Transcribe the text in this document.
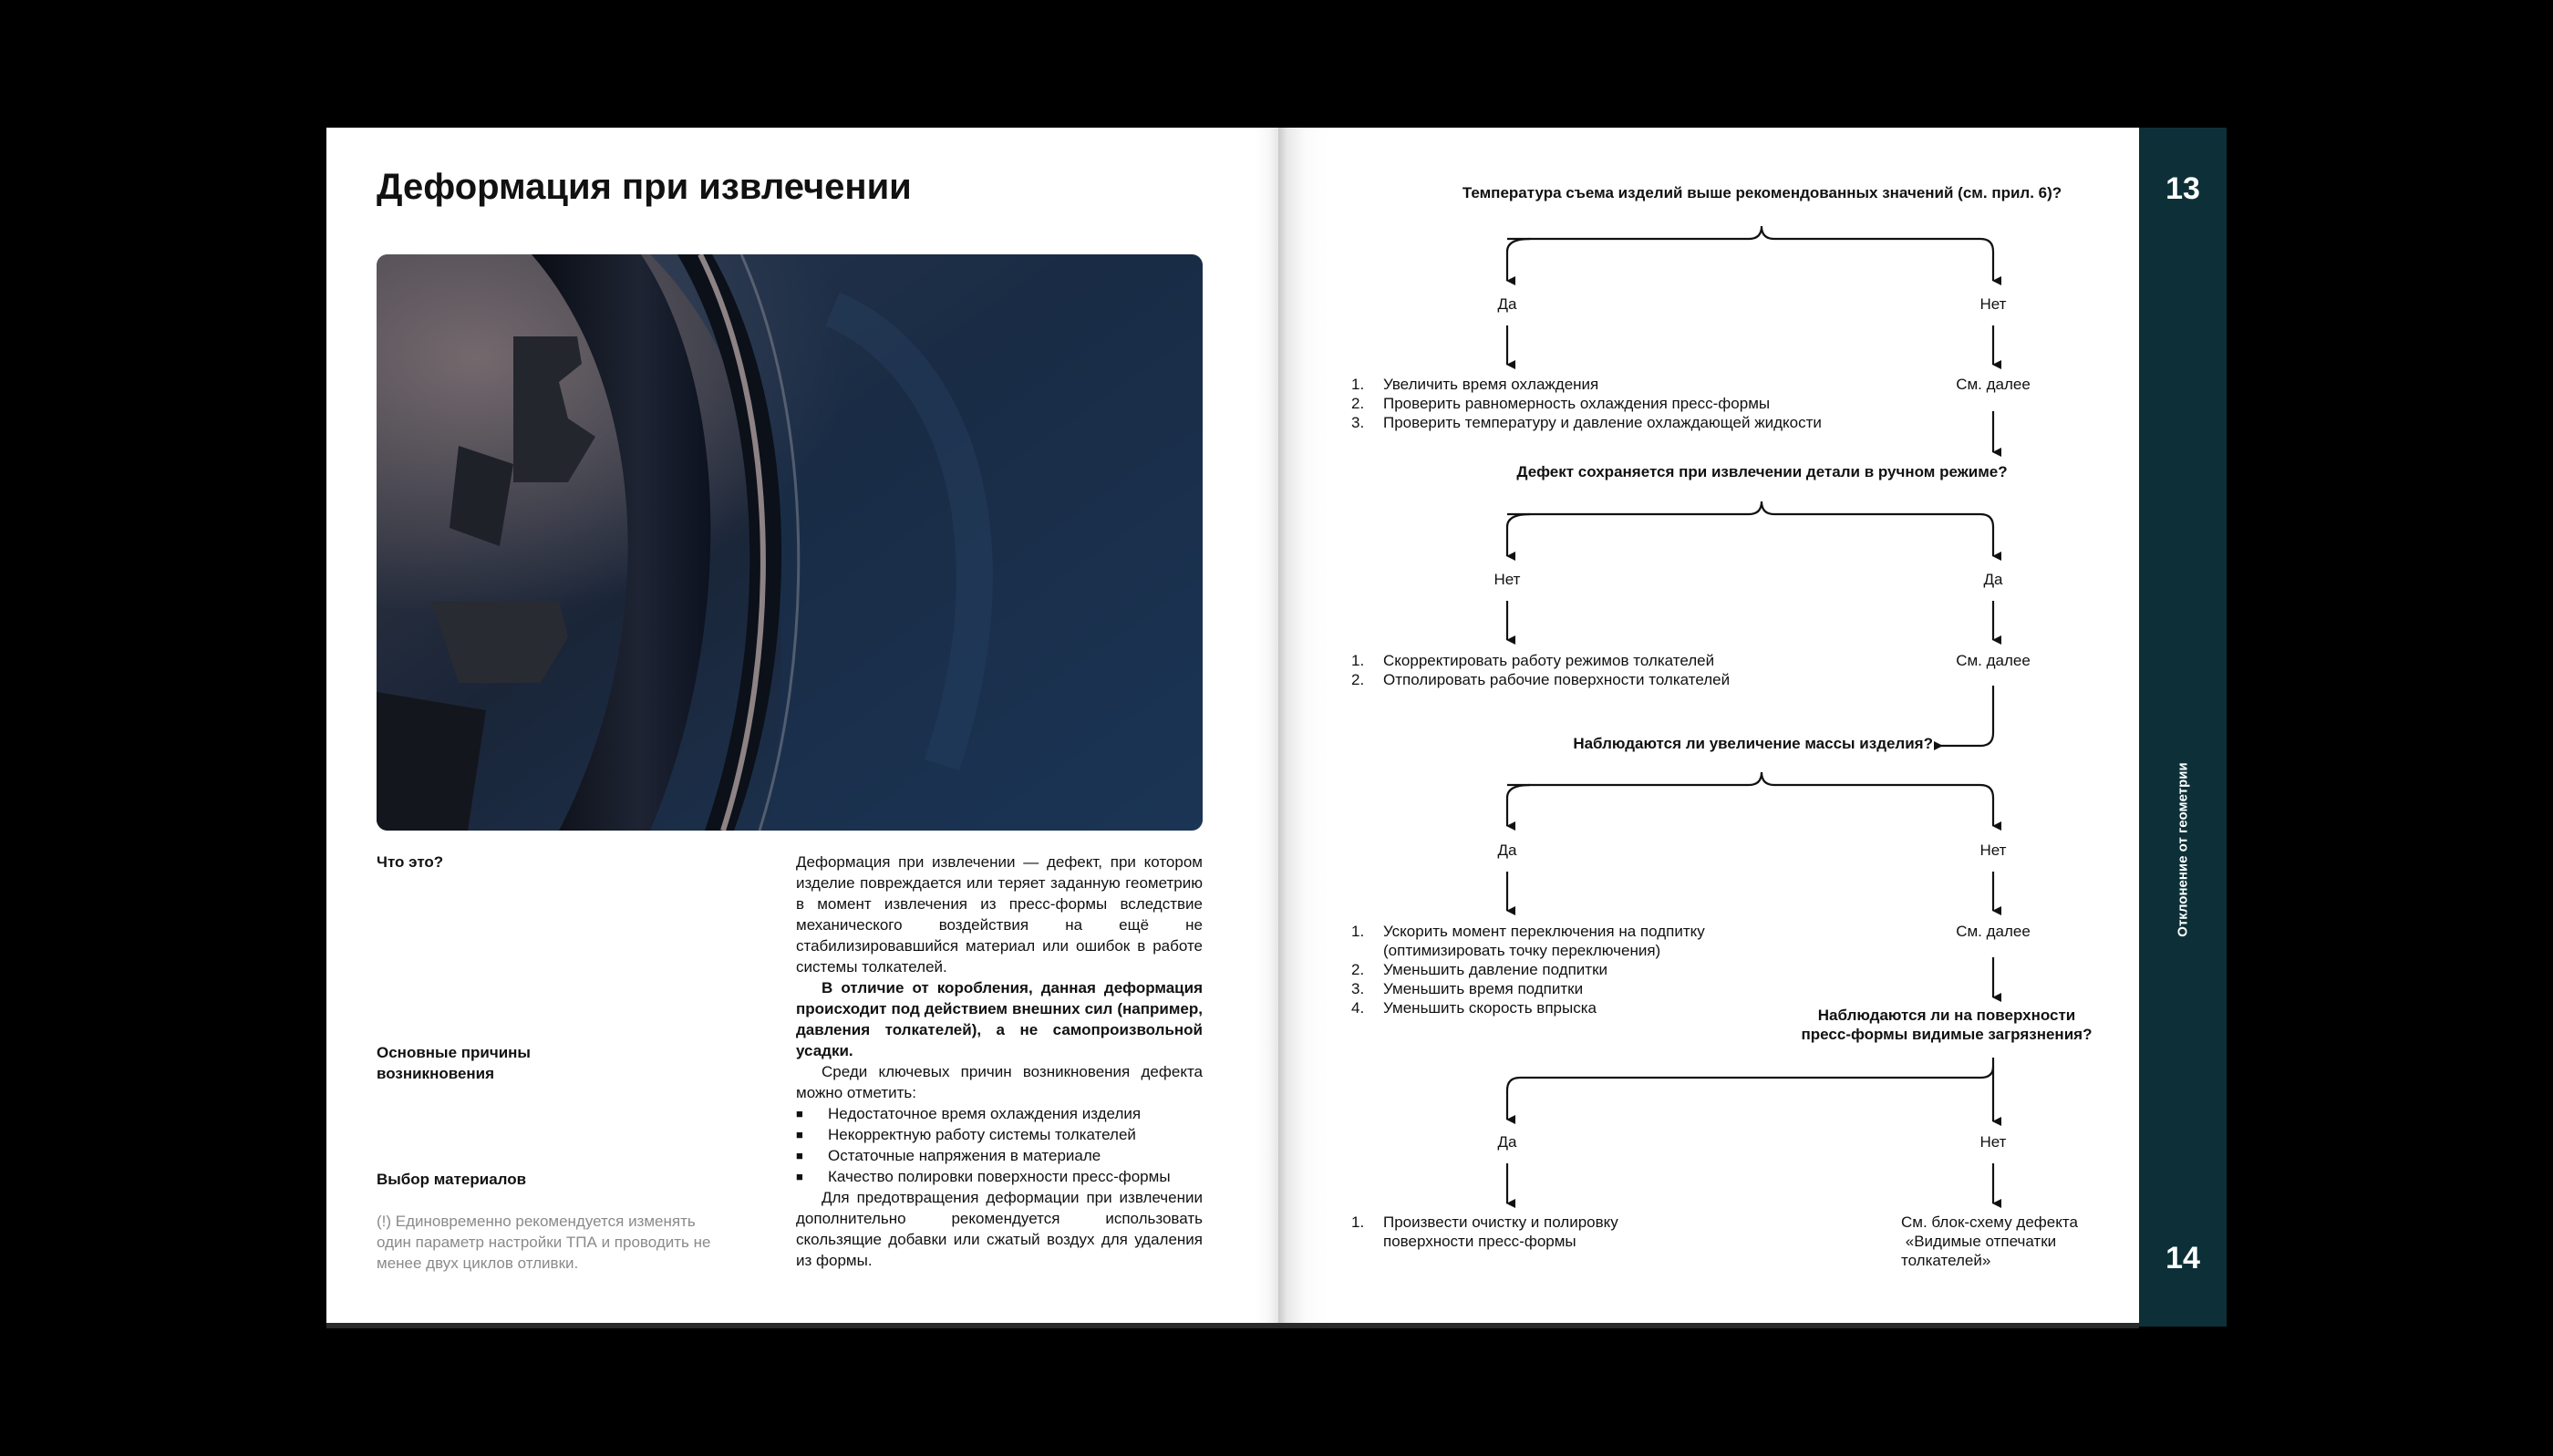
Деформация при извлечении
Что это?
Основные причины возникновения
Выбор материалов
(!) Единовременно рекомендуется изменять один параметр настройки ТПА и проводить не менее двух циклов отливки.

Деформация при извлечении — дефект, при котором изделие повреждается или теряет заданную геометрию в момент извлечения из пресс-формы вследствие механического воздействия на ещё не стабилизировавшийся материал или ошибок в работе системы толкателей.

В отличие от коробления, данная деформация происходит под действием внешних сил (например, давления толкателей), а не самопроизвольной усадки.

Среди ключевых причин возникновения дефекта можно отметить:

■ Недостаточное время охлаждения изделия
■ Некорректную работу системы толкателей
■ Остаточные напряжения в материале
■ Качество полировки поверхности пресс-формы

Для предотвращения деформации при извлечении дополнительно рекомендуется использовать скользящие добавки или сжатый воздух для удаления из формы.

Температура съема изделий выше рекомендованных значений (см. прил. 6)?
Да	Нет
1. Увеличить время охлаждения
2. Проверить равномерность охлаждения пресс-формы
3. Проверить температуру и давление охлаждающей жидкости
См. далее
Дефект сохраняется при извлечении детали в ручном режиме?
Нет	Да
1. Скорректировать работу режимов толкателей
2. Отполировать рабочие поверхности толкателей
См. далее
Наблюдаются ли увеличение массы изделия?
Да	Нет
1. Ускорить момент переключения на подпитку
(оптимизировать точку переключения)
2. Уменьшить давление подпитки
3. Уменьшить время подпитки
4. Уменьшить скорость впрыска
См. далее
Наблюдаются ли на поверхности
пресс-формы видимые загрязнения?
Да	Нет
1. Произвести очистку и полировку
поверхности пресс-формы
См. блок-схему дефекта
«Видимые отпечатки
толкателей»
13
Отклонение от геометрии
14
